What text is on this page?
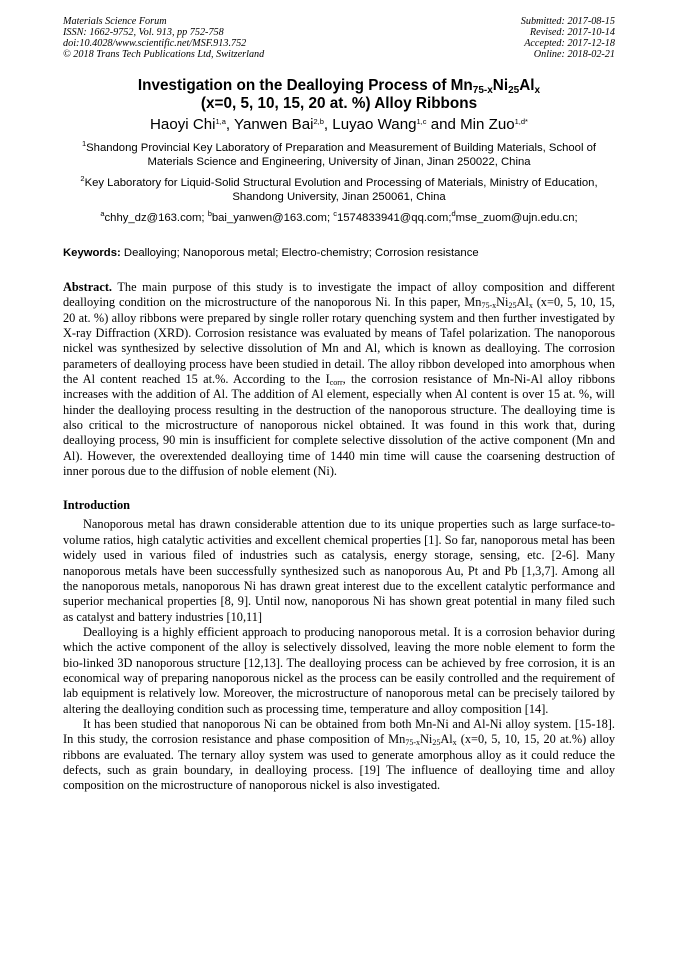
Materials Science Forum
ISSN: 1662-9752, Vol. 913, pp 752-758
doi:10.4028/www.scientific.net/MSF.913.752
© 2018 Trans Tech Publications Ltd, Switzerland
Submitted: 2017-08-15
Revised: 2017-10-14
Accepted: 2017-12-18
Online: 2018-02-21
Investigation on the Dealloying Process of $Mn_{75-x}Ni_{25}Al_x$
(x=0, 5, 10, 15, 20 at. %) Alloy Ribbons
Haoyi Chi$^{1,a}$, Yanwen Bai$^{2,b}$, Luyao Wang$^{1,c}$ and Min Zuo$^{1,d*}$
$^1$Shandong Provincial Key Laboratory of Preparation and Measurement of Building Materials, School of Materials Science and Engineering, University of Jinan, Jinan 250022, China
$^2$Key Laboratory for Liquid-Solid Structural Evolution and Processing of Materials, Ministry of Education, Shandong University, Jinan 250061, China
$^a$chhy_dz@163.com; $^b$bai_yanwen@163.com; $^c$1574833941@qq.com;$^d$mse_zuom@ujn.edu.cn;
Keywords: Dealloying; Nanoporous metal; Electro-chemistry; Corrosion resistance
Abstract. The main purpose of this study is to investigate the impact of alloy composition and different dealloying condition on the microstructure of the nanoporous Ni. In this paper, $Mn_{75-x}Ni_{25}Al_x$ (x=0, 5, 10, 15, 20 at. %) alloy ribbons were prepared by single roller rotary quenching system and then further investigated by X-ray Diffraction (XRD). Corrosion resistance was evaluated by means of Tafel polarization. The nanoporous nickel was synthesized by selective dissolution of Mn and Al, which is known as dealloying. The corrosion parameters of dealloying process have been studied in detail. The alloy ribbon developed into amorphous when the Al content reached 15 at.%. According to the $I_{corr}$, the corrosion resistance of Mn-Ni-Al alloy ribbons increases with the addition of Al. The addition of Al element, especially when Al content is over 15 at. %, will hinder the dealloying process resulting in the destruction of the nanoporous structure. The dealloying time is also critical to the microstructure of nanoporous nickel obtained. It was found in this work that, during dealloying process, 90 min is insufficient for complete selective dissolution of the active component (Mn and Al). However, the overextended dealloying time of 1440 min time will cause the coarsening destruction of inner porous due to the diffusion of noble element (Ni).
Introduction
Nanoporous metal has drawn considerable attention due to its unique properties such as large surface-to-volume ratios, high catalytic activities and excellent chemical properties [1]. So far, nanoporous metal has been widely used in various filed of industries such as catalysis, energy storage, sensing, etc. [2-6]. Many nanoporous metals have been successfully synthesized such as nanoporous Au, Pt and Pb [1,3,7]. Among all the nanoporous metals, nanoporous Ni has drawn great interest due to the excellent catalytic performance and superior mechanical properties [8, 9]. Until now, nanoporous Ni has shown great potential in many filed such as catalyst and battery industries [10,11]
Dealloying is a highly efficient approach to producing nanoporous metal. It is a corrosion behavior during which the active component of the alloy is selectively dissolved, leaving the more noble element to form the bio-linked 3D nanoporous structure [12,13]. The dealloying process can be achieved by free corrosion, it is an economical way of preparing nanoporous nickel as the process can be easily controlled and the requirement of lab equipment is relatively low. Moreover, the microstructure of nanoporous metal can be precisely tailored by altering the dealloying condition such as processing time, temperature and alloy composition [14].
It has been studied that nanoporous Ni can be obtained from both Mn-Ni and Al-Ni alloy system. [15-18]. In this study, the corrosion resistance and phase composition of $Mn_{75-x}Ni_{25}Al_x$ (x=0, 5, 10, 15, 20 at.%) alloy ribbons are evaluated. The ternary alloy system was used to generate amorphous alloy as it could reduce the defects, such as grain boundary, in dealloying process. [19] The influence of dealloying time and alloy composition on the microstructure of nanoporous nickel is also investigated.
